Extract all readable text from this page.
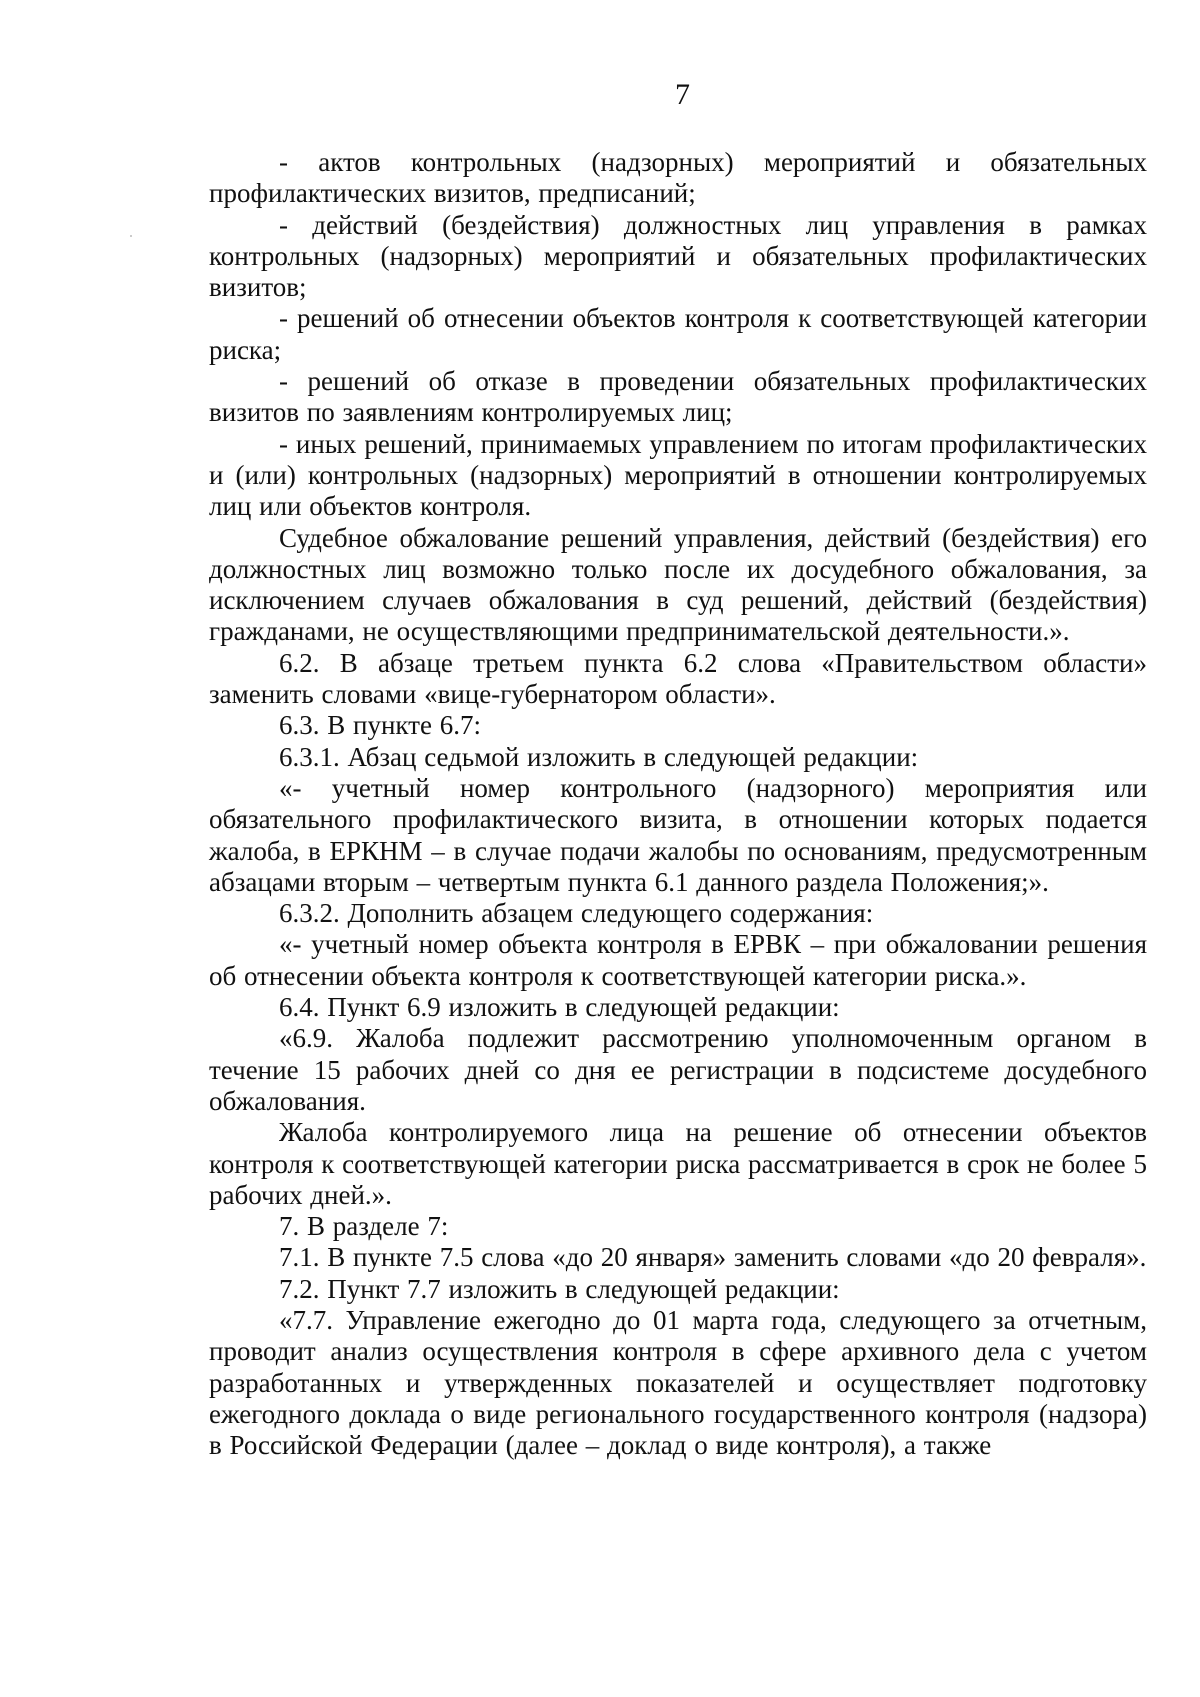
7

- актов контрольных (надзорных) мероприятий и обязательных профилактических визитов, предписаний;

- действий (бездействия) должностных лиц управления в рамках контрольных (надзорных) мероприятий и обязательных профилактических визитов;

- решений об отнесении объектов контроля к соответствующей категории риска;

- решений об отказе в проведении обязательных профилактических визитов по заявлениям контролируемых лиц;

- иных решений, принимаемых управлением по итогам профилактических и (или) контрольных (надзорных) мероприятий в отношении контролируемых лиц или объектов контроля.

Судебное обжалование решений управления, действий (бездействия) его должностных лиц возможно только после их досудебного обжалования, за исключением случаев обжалования в суд решений, действий (бездействия) гражданами, не осуществляющими предпринимательской деятельности.».

6.2. В абзаце третьем пункта 6.2 слова «Правительством области» заменить словами «вице-губернатором области».

6.3. В пункте 6.7:

6.3.1. Абзац седьмой изложить в следующей редакции:

«- учетный номер контрольного (надзорного) мероприятия или обязательного профилактического визита, в отношении которых подается жалоба, в ЕРКНМ – в случае подачи жалобы по основаниям, предусмотренным абзацами вторым – четвертым пункта 6.1 данного раздела Положения;».

6.3.2. Дополнить абзацем следующего содержания:

«- учетный номер объекта контроля в ЕРВК – при обжаловании решения об отнесении объекта контроля к соответствующей категории риска.».

6.4. Пункт 6.9 изложить в следующей редакции:

«6.9. Жалоба подлежит рассмотрению уполномоченным органом в течение 15 рабочих дней со дня ее регистрации в подсистеме досудебного обжалования.

Жалоба контролируемого лица на решение об отнесении объектов контроля к соответствующей категории риска рассматривается в срок не более 5 рабочих дней.».

7. В разделе 7:

7.1. В пункте 7.5 слова «до 20 января» заменить словами «до 20 февраля».

7.2. Пункт 7.7 изложить в следующей редакции:

«7.7. Управление ежегодно до 01 марта года, следующего за отчетным, проводит анализ осуществления контроля в сфере архивного дела с учетом разработанных и утвержденных показателей и осуществляет подготовку ежегодного доклада о виде регионального государственного контроля (надзора) в Российской Федерации (далее – доклад о виде контроля), а также
